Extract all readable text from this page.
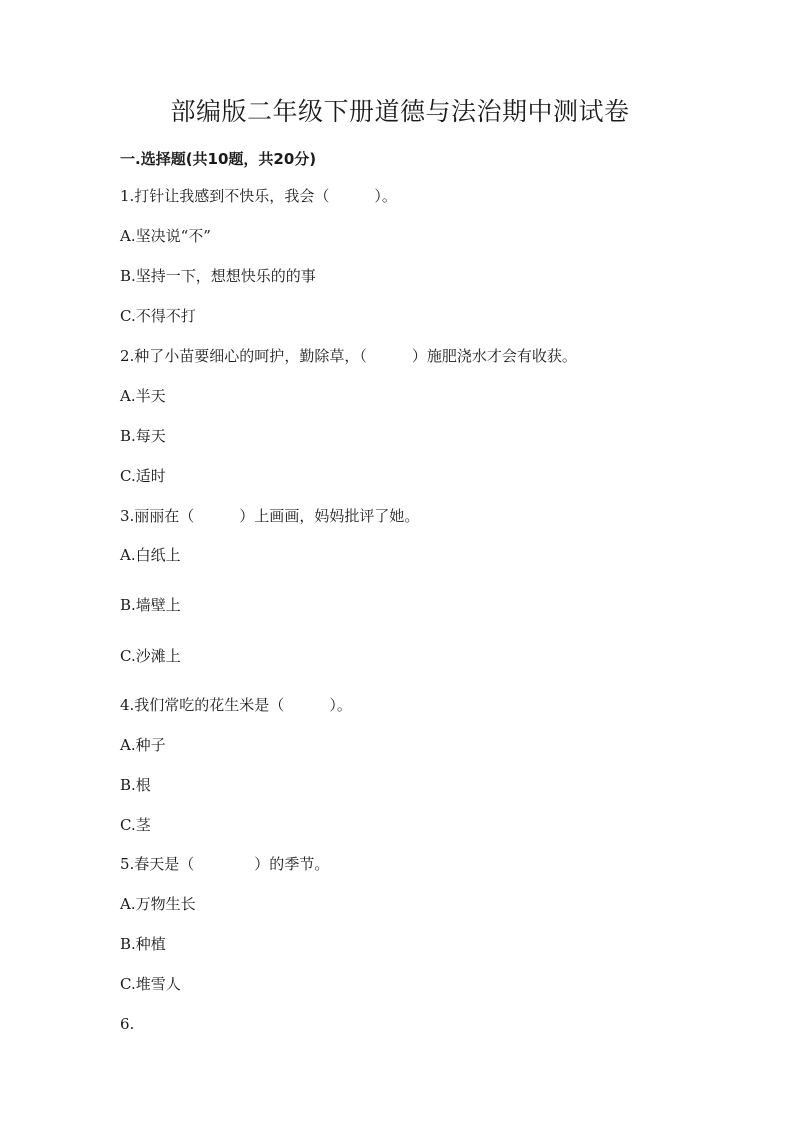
部编版二年级下册道德与法治期中测试卷
一.选择题(共10题，共20分)
1.打针让我感到不快乐，我会（　　　）。
A.坚决说“不”
B.坚持一下，想想快乐的的事
C.不得不打
2.种了小苗要细心的呵护，勤除草，（　　　）施肥浇水才会有收获。
A.半天
B.每天
C.适时
3.丽丽在（　　　）上画画，妈妈批评了她。
A.白纸上
B.墙壁上
C.沙滩上
4.我们常吃的花生米是（　　　）。
A.种子
B.根
C.茎
5.春天是（　　　　）的季节。
A.万物生长
B.种植
C.堆雪人
6.
